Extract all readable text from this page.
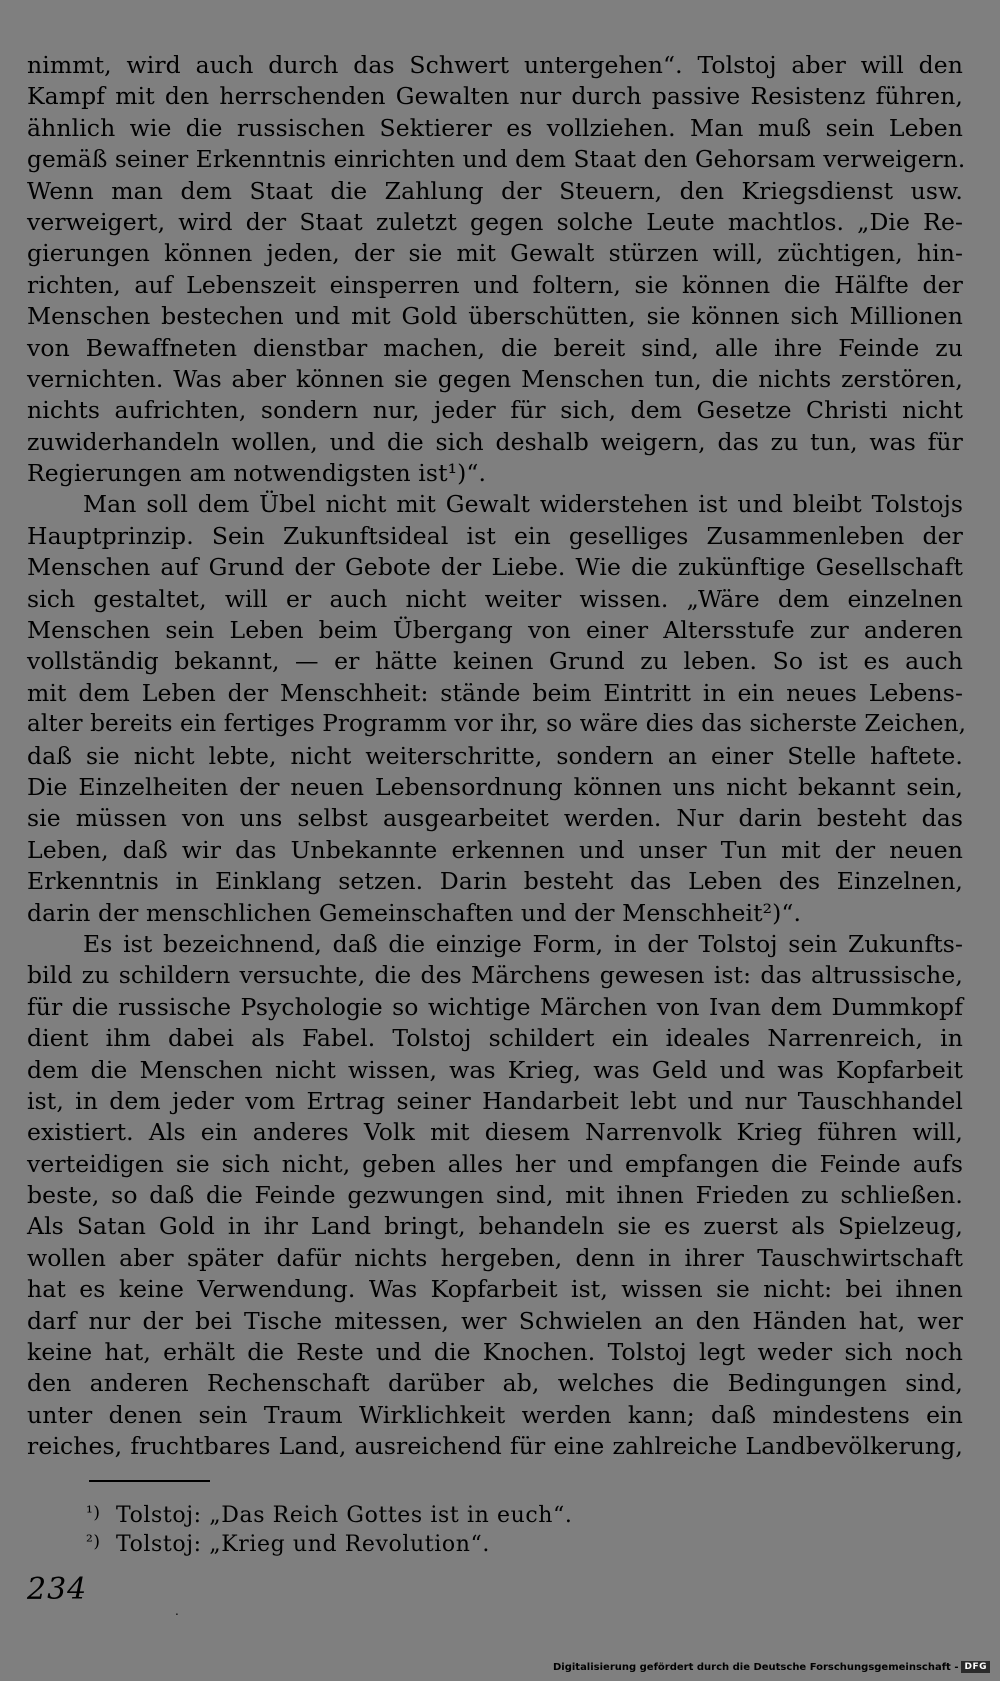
nimmt, wird auch durch das Schwert untergehen“. Tolstoj aber will den
Kampf mit den herrschenden Gewalten nur durch passive Resistenz führen,
ähnlich wie die russischen Sektierer es vollziehen. Man muß sein Leben
gemäß seiner Erkenntnis einrichten und dem Staat den Gehorsam verweigern.
Wenn man dem Staat die Zahlung der Steuern, den Kriegsdienst usw.
verweigert, wird der Staat zuletzt gegen solche Leute machtlos. „Die Re-
gierungen können jeden, der sie mit Gewalt stürzen will, züchtigen, hin-
richten, auf Lebenszeit einsperren und foltern, sie können die Hälfte der
Menschen bestechen und mit Gold überschütten, sie können sich Millionen
von Bewaffneten dienstbar machen, die bereit sind, alle ihre Feinde zu
vernichten. Was aber können sie gegen Menschen tun, die nichts zerstören,
nichts aufrichten, sondern nur, jeder für sich, dem Gesetze Christi nicht
zuwiderhandeln wollen, und die sich deshalb weigern, das zu tun, was für
Regierungen am notwendigsten ist¹)“.
Man soll dem Übel nicht mit Gewalt widerstehen ist und bleibt Tolstojs
Hauptprinzip. Sein Zukunftsideal ist ein geselliges Zusammenleben der
Menschen auf Grund der Gebote der Liebe. Wie die zukünftige Gesellschaft
sich gestaltet, will er auch nicht weiter wissen. „Wäre dem einzelnen
Menschen sein Leben beim Übergang von einer Altersstufe zur anderen
vollständig bekannt, — er hätte keinen Grund zu leben. So ist es auch
mit dem Leben der Menschheit: stände beim Eintritt in ein neues Lebens-
alter bereits ein fertiges Programm vor ihr, so wäre dies das sicherste Zeichen,
daß sie nicht lebte, nicht weiterschritte, sondern an einer Stelle haftete.
Die Einzelheiten der neuen Lebensordnung können uns nicht bekannt sein,
sie müssen von uns selbst ausgearbeitet werden. Nur darin besteht das
Leben, daß wir das Unbekannte erkennen und unser Tun mit der neuen
Erkenntnis in Einklang setzen. Darin besteht das Leben des Einzelnen,
darin der menschlichen Gemeinschaften und der Menschheit²)“.
Es ist bezeichnend, daß die einzige Form, in der Tolstoj sein Zukunfts-
bild zu schildern versuchte, die des Märchens gewesen ist: das altrussische,
für die russische Psychologie so wichtige Märchen von Ivan dem Dummkopf
dient ihm dabei als Fabel. Tolstoj schildert ein ideales Narrenreich, in
dem die Menschen nicht wissen, was Krieg, was Geld und was Kopfarbeit
ist, in dem jeder vom Ertrag seiner Handarbeit lebt und nur Tauschhandel
existiert. Als ein anderes Volk mit diesem Narrenvolk Krieg führen will,
verteidigen sie sich nicht, geben alles her und empfangen die Feinde aufs
beste, so daß die Feinde gezwungen sind, mit ihnen Frieden zu schließen.
Als Satan Gold in ihr Land bringt, behandeln sie es zuerst als Spielzeug,
wollen aber später dafür nichts hergeben, denn in ihrer Tauschwirtschaft
hat es keine Verwendung. Was Kopfarbeit ist, wissen sie nicht: bei ihnen
darf nur der bei Tische mitessen, wer Schwielen an den Händen hat, wer
keine hat, erhält die Reste und die Knochen. Tolstoj legt weder sich noch
den anderen Rechenschaft darüber ab, welches die Bedingungen sind,
unter denen sein Traum Wirklichkeit werden kann; daß mindestens ein
reiches, fruchtbares Land, ausreichend für eine zahlreiche Landbevölkerung,
¹) Tolstoj: „Das Reich Gottes ist in euch“.
²) Tolstoj: „Krieg und Revolution“.
234
.
Digitalisierung gefördert durch die Deutsche Forschungsgemeinschaft - DFG
